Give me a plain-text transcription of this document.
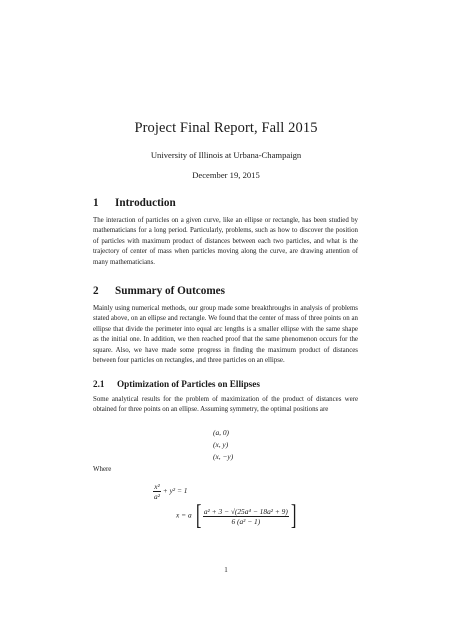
Project Final Report, Fall 2015
University of Illinois at Urbana-Champaign
December 19, 2015
1 Introduction
The interaction of particles on a given curve, like an ellipse or rectangle, has been studied by mathematicians for a long period. Particularly, problems, such as how to discover the position of particles with maximum product of distances between each two particles, and what is the trajectory of center of mass when particles moving along the curve, are drawing attention of many mathematicians.
2 Summary of Outcomes
Mainly using numerical methods, our group made some breakthroughs in analysis of problems stated above, on an ellipse and rectangle. We found that the center of mass of three points on an ellipse that divide the perimeter into equal arc lengths is a smaller ellipse with the same shape as the initial one. In addition, we then reached proof that the same phenomenon occurs for the square. Also, we have made some progress in finding the maximum product of distances between four particles on rectangles, and three particles on an ellipse.
2.1 Optimization of Particles on Ellipses
Some analytical results for the problem of maximization of the product of distances were obtained for three points on an ellipse. Assuming symmetry, the optimal positions are
(a, 0)
(x, y)
(x, −y)
Where
$\frac{\text{x²}}{\text{a²}} + y^2 = 1$
x = a [ $\frac{\text{a² + 3 − √(25a⁴ − 18a² + 9)}}{\text{6 (a² − 1)}}$ ]
1
